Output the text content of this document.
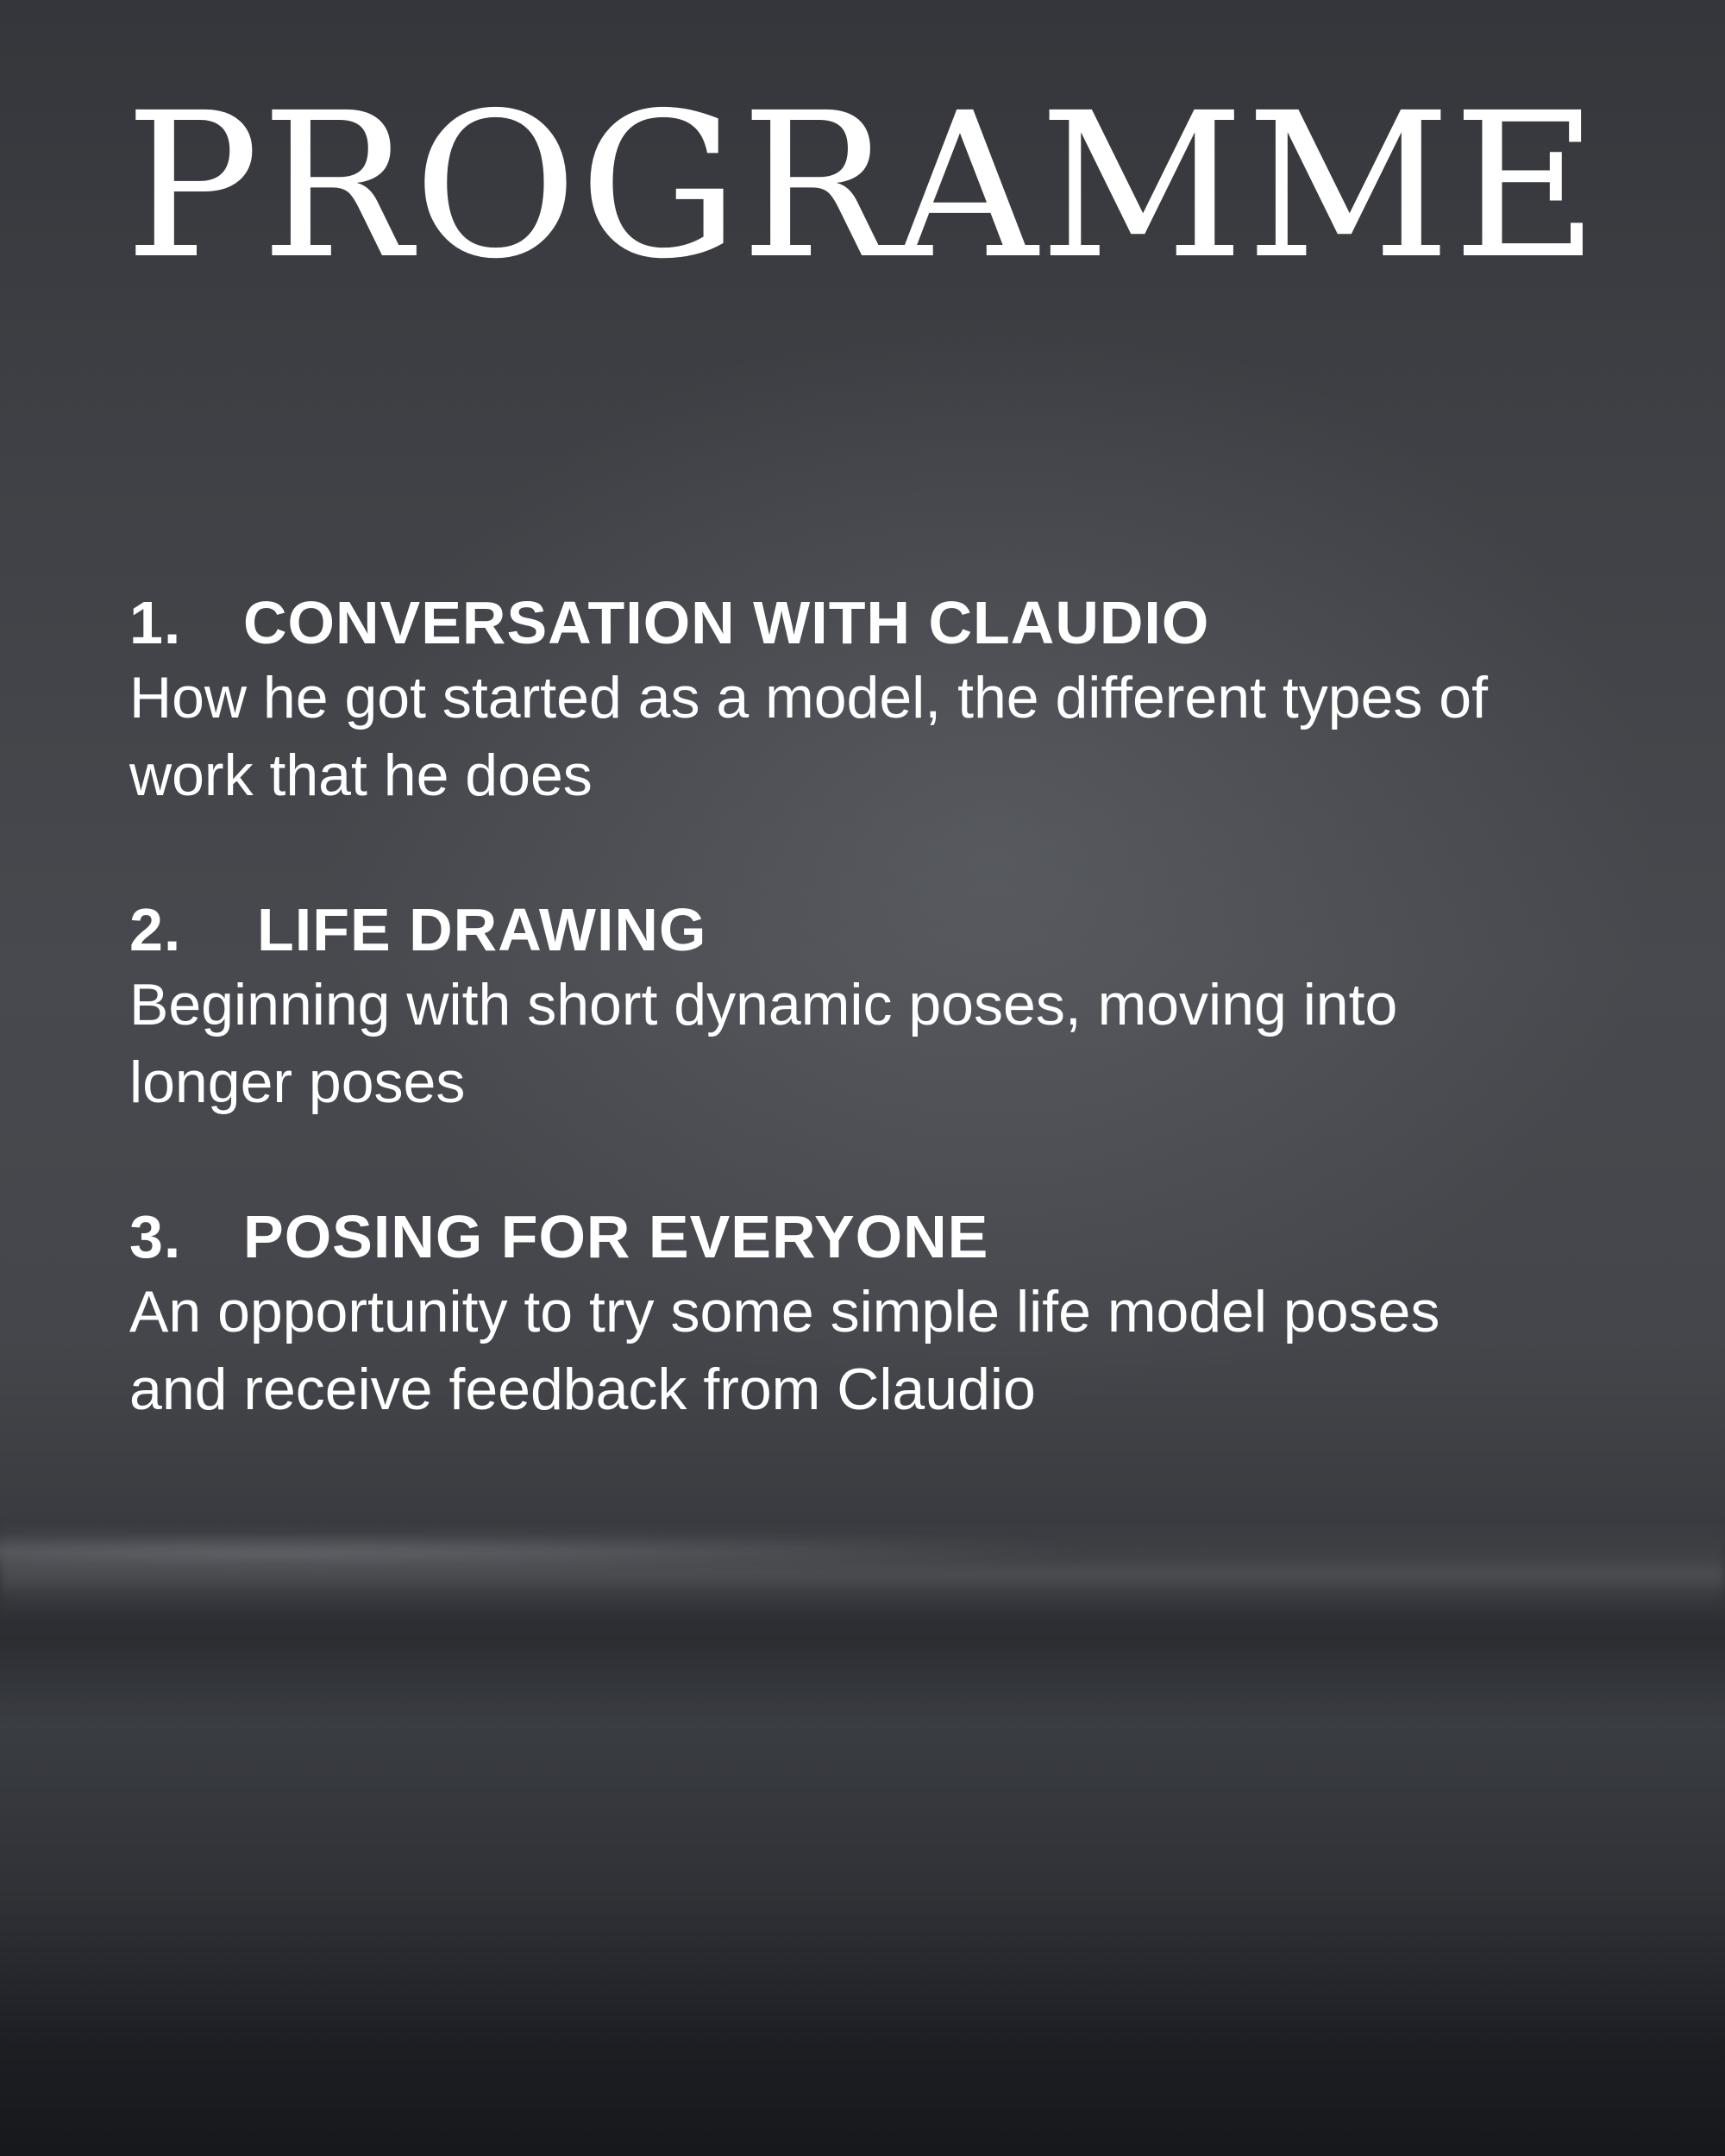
PROGRAMME
1. CONVERSATION WITH CLAUDIO
How he got started as a model, the different types of work that he does
2. LIFE DRAWING
Beginning with short dynamic poses, moving into longer poses
3. POSING FOR EVERYONE
An opportunity to try some simple life model poses and receive feedback from Claudio
